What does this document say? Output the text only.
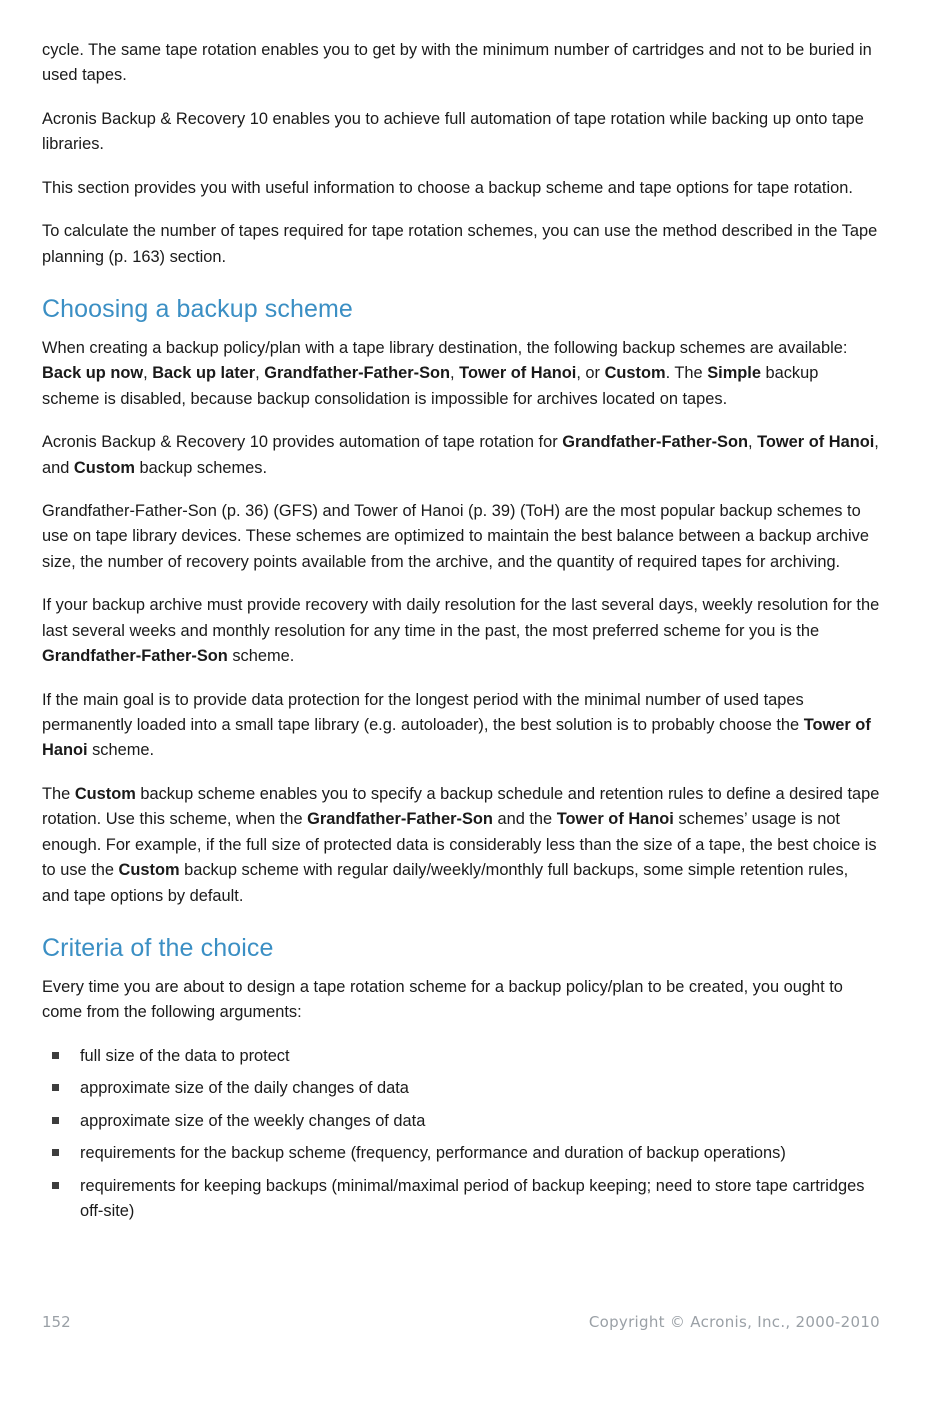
cycle. The same tape rotation enables you to get by with the minimum number of cartridges and not to be buried in used tapes.

Acronis Backup & Recovery 10 enables you to achieve full automation of tape rotation while backing up onto tape libraries.

This section provides you with useful information to choose a backup scheme and tape options for tape rotation.

To calculate the number of tapes required for tape rotation schemes, you can use the method described in the Tape planning (p. 163) section.

Choosing a backup scheme

When creating a backup policy/plan with a tape library destination, the following backup schemes are available: Back up now, Back up later, Grandfather-Father-Son, Tower of Hanoi, or Custom. The Simple backup scheme is disabled, because backup consolidation is impossible for archives located on tapes.

Acronis Backup & Recovery 10 provides automation of tape rotation for Grandfather-Father-Son, Tower of Hanoi, and Custom backup schemes.

Grandfather-Father-Son (p. 36) (GFS) and Tower of Hanoi (p. 39) (ToH) are the most popular backup schemes to use on tape library devices. These schemes are optimized to maintain the best balance between a backup archive size, the number of recovery points available from the archive, and the quantity of required tapes for archiving.

If your backup archive must provide recovery with daily resolution for the last several days, weekly resolution for the last several weeks and monthly resolution for any time in the past, the most preferred scheme for you is the Grandfather-Father-Son scheme.

If the main goal is to provide data protection for the longest period with the minimal number of used tapes permanently loaded into a small tape library (e.g. autoloader), the best solution is to probably choose the Tower of Hanoi scheme.

The Custom backup scheme enables you to specify a backup schedule and retention rules to define a desired tape rotation. Use this scheme, when the Grandfather-Father-Son and the Tower of Hanoi schemes’ usage is not enough. For example, if the full size of protected data is considerably less than the size of a tape, the best choice is to use the Custom backup scheme with regular daily/weekly/monthly full backups, some simple retention rules, and tape options by default.

Criteria of the choice

Every time you are about to design a tape rotation scheme for a backup policy/plan to be created, you ought to come from the following arguments:

full size of the data to protect
approximate size of the daily changes of data
approximate size of the weekly changes of data
requirements for the backup scheme (frequency, performance and duration of backup operations)
requirements for keeping backups (minimal/maximal period of backup keeping; need to store tape cartridges off-site)
152	Copyright © Acronis, Inc., 2000-2010
